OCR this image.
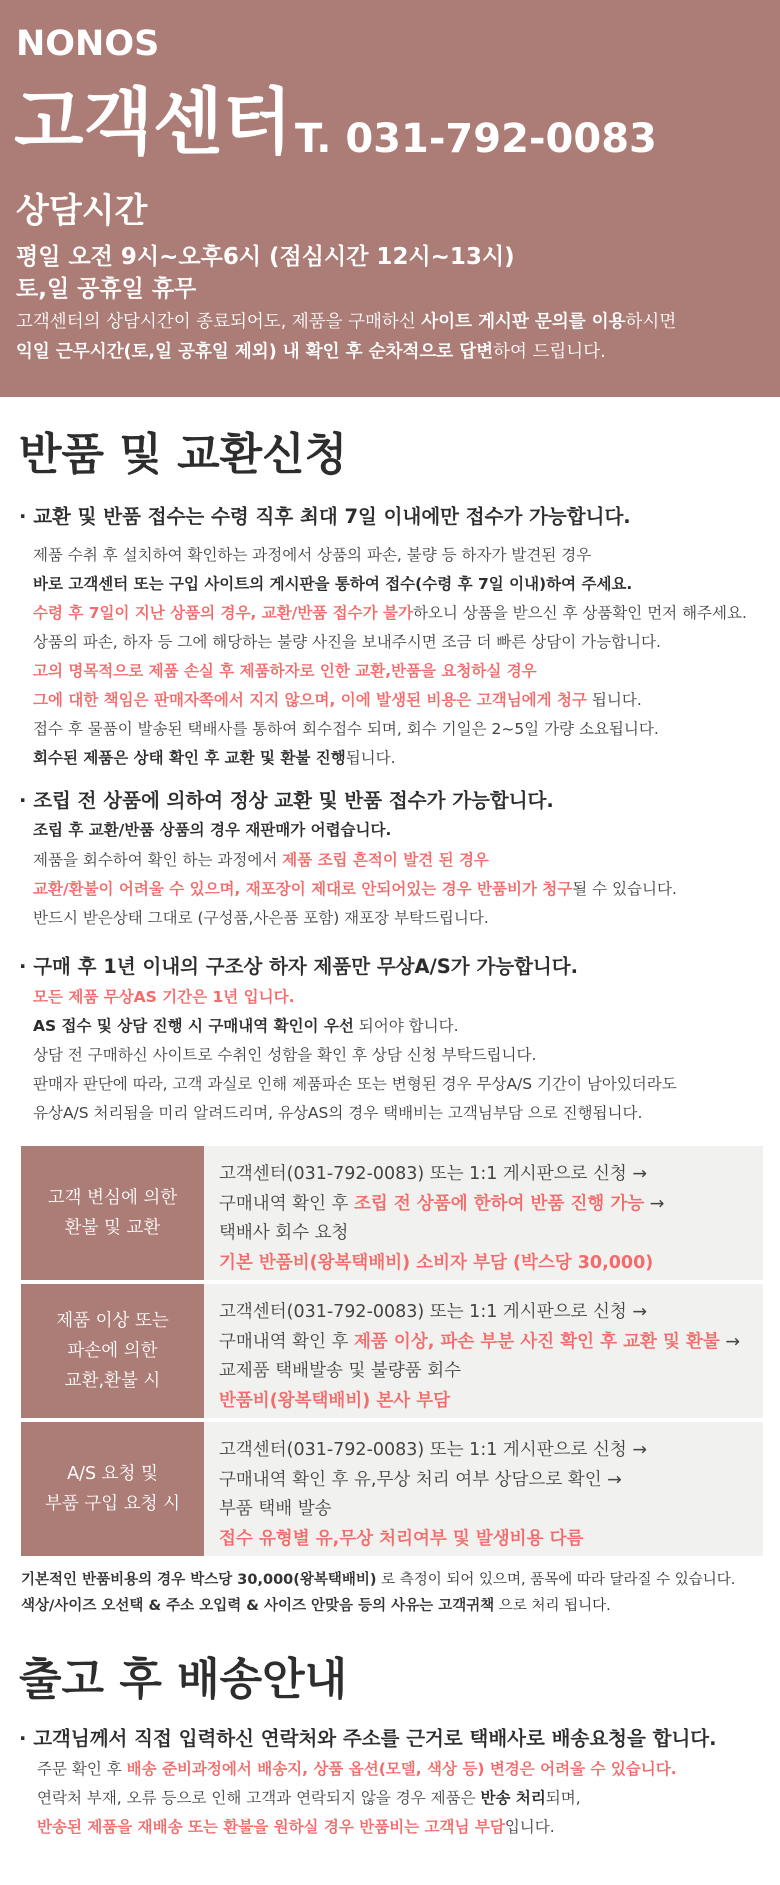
NONOS
고객센터 T. 031-792-0083
상담시간
평일 오전 9시~오후6시 (점심시간 12시~13시)
토,일 공휴일 휴무
고객센터의 상담시간이 종료되어도, 제품을 구매하신 사이트 게시판 문의를 이용하시면
익일 근무시간(토,일 공휴일 제외) 내 확인 후 순차적으로 답변하여 드립니다.
반품 및 교환신청
· 교환 및 반품 접수는 수령 직후 최대 7일 이내에만 접수가 가능합니다.
제품 수취 후 설치하여 확인하는 과정에서 상품의 파손, 불량 등 하자가 발견된 경우
바로 고객센터 또는 구입 사이트의 게시판을 통하여 접수(수령 후 7일 이내)하여 주세요.
수령 후 7일이 지난 상품의 경우, 교환/반품 접수가 불가하오니 상품을 받으신 후 상품확인 먼저 해주세요.
상품의 파손, 하자 등 그에 해당하는 불량 사진을 보내주시면 조금 더 빠른 상담이 가능합니다.
고의 명목적으로 제품 손실 후 제품하자로 인한 교환,반품을 요청하실 경우
그에 대한 책임은 판매자쪽에서 지지 않으며, 이에 발생된 비용은 고객님에게 청구 됩니다.
접수 후 물품이 발송된 택배사를 통하여 회수접수 되며, 회수 기일은 2~5일 가량 소요됩니다.
회수된 제품은 상태 확인 후 교환 및 환불 진행됩니다.
· 조립 전 상품에 의하여 정상 교환 및 반품 접수가 가능합니다.
조립 후 교환/반품 상품의 경우 재판매가 어렵습니다.
제품을 회수하여 확인 하는 과정에서 제품 조립 흔적이 발견 된 경우
교환/환불이 어려울 수 있으며, 재포장이 제대로 안되어있는 경우 반품비가 청구될 수 있습니다.
반드시 받은상태 그대로 (구성품,사은품 포함) 재포장 부탁드립니다.
· 구매 후 1년 이내의 구조상 하자 제품만 무상A/S가 가능합니다.
모든 제품 무상AS 기간은 1년 입니다.
AS 접수 및 상담 진행 시 구매내역 확인이 우선 되어야 합니다.
상담 전 구매하신 사이트로 수취인 성함을 확인 후 상담 신청 부탁드립니다.
판매자 판단에 따라, 고객 과실로 인해 제품파손 또는 변형된 경우 무상A/S 기간이 남아있더라도
유상A/S 처리됨을 미리 알려드리며, 유상AS의 경우 택배비는 고객님부담 으로 진행됩니다.
고객 변심에 의한
환불 및 교환
고객센터(031-792-0083) 또는 1:1 게시판으로 신청 →
구매내역 확인 후 조립 전 상품에 한하여 반품 진행 가능 →
택배사 회수 요청
기본 반품비(왕복택배비) 소비자 부담 (박스당 30,000)
제품 이상 또는
파손에 의한
교환,환불 시
고객센터(031-792-0083) 또는 1:1 게시판으로 신청 →
구매내역 확인 후 제품 이상, 파손 부분 사진 확인 후 교환 및 환불 →
교제품 택배발송 및 불량품 회수
반품비(왕복택배비) 본사 부담
A/S 요청 및
부품 구입 요청 시
고객센터(031-792-0083) 또는 1:1 게시판으로 신청 →
구매내역 확인 후 유,무상 처리 여부 상담으로 확인 →
부품 택배 발송
접수 유형별 유,무상 처리여부 및 발생비용 다름
기본적인 반품비용의 경우 박스당 30,000(왕복택배비) 로 측정이 되어 있으며, 품목에 따라 달라질 수 있습니다.
색상/사이즈 오선택 & 주소 오입력 & 사이즈 안맞음 등의 사유는 고객귀책 으로 처리 됩니다.
출고 후 배송안내
· 고객님께서 직접 입력하신 연락처와 주소를 근거로 택배사로 배송요청을 합니다.
주문 확인 후 배송 준비과정에서 배송지, 상품 옵션(모델, 색상 등) 변경은 어려울 수 있습니다.
연락처 부재, 오류 등으로 인해 고객과 연락되지 않을 경우 제품은 반송 처리되며,
반송된 제품을 재배송 또는 환불을 원하실 경우 반품비는 고객님 부담입니다.
